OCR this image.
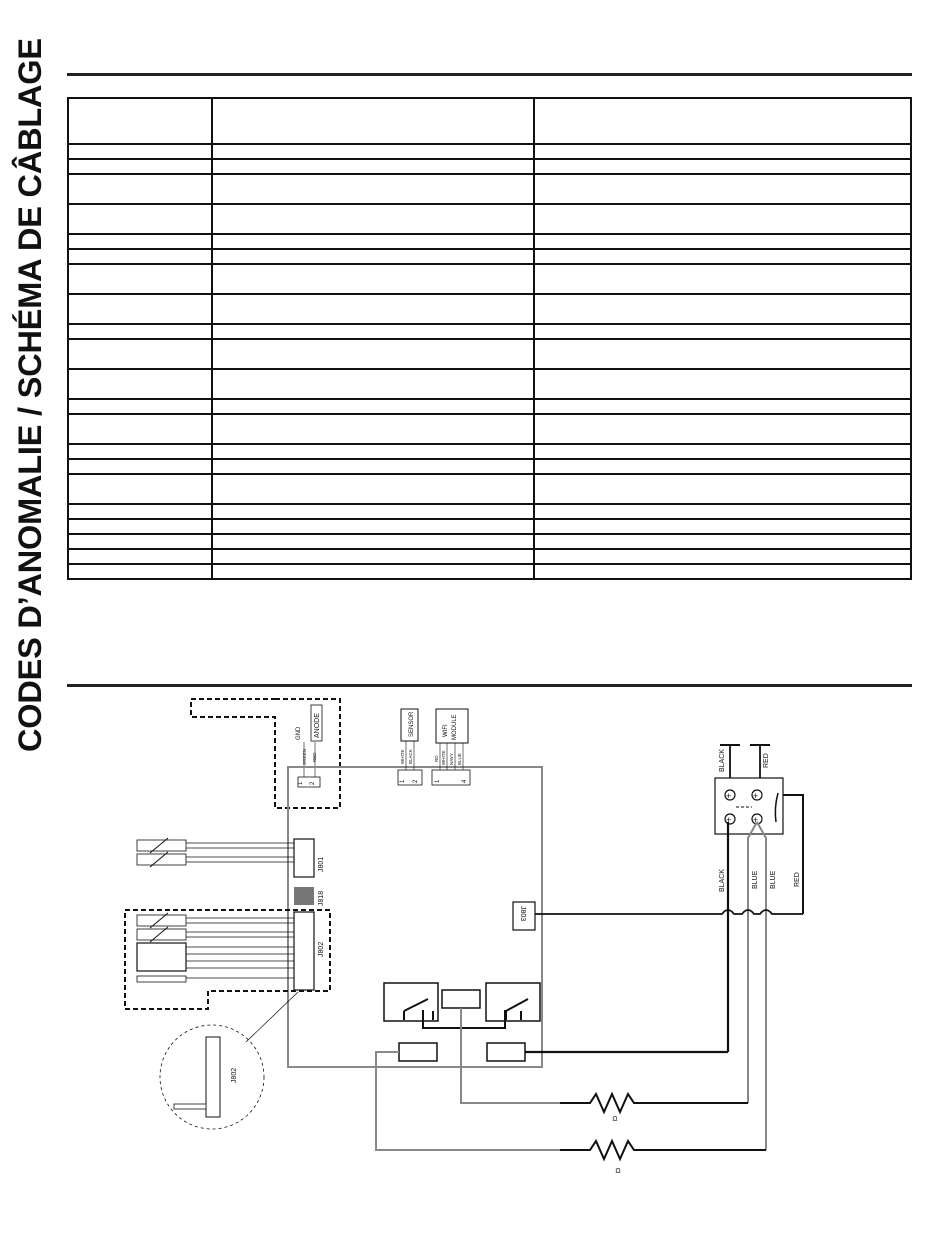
CODES D’ANOMALIE / SCHÉMA DE CÂBLAGE

			ANODE
GND
GREEN RED
1 2
SENSOR
WHITE BLACK
1 2
WIFI MODULE
RD WHITE NAVY BLUE
1	4
J801
J818
J802
J802
J803
BLACK	RED
+ +
+ +
BLACK	BLUE BLUE RED
Ω
Ω
